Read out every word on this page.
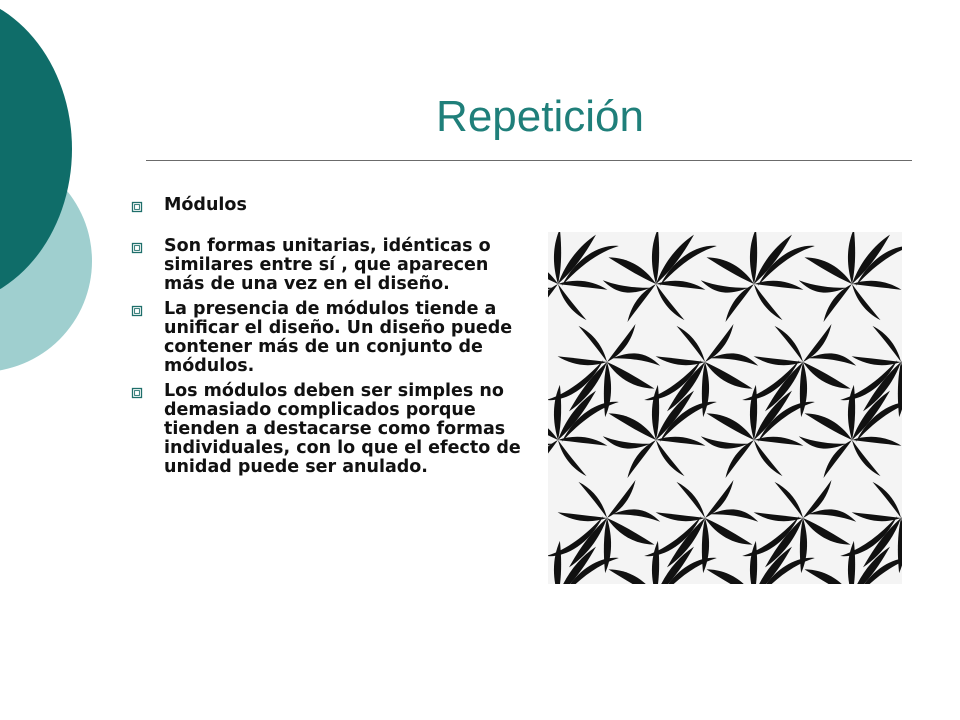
Repetición
Módulos
Son formas unitarias, idénticas o similares entre sí , que aparecen más de una vez en el diseño.
La presencia de módulos tiende a unificar el diseño. Un diseño puede contener más de un conjunto de módulos.
Los módulos deben ser simples no demasiado complicados porque tienden a destacarse como formas individuales, con lo que el efecto de unidad puede ser anulado.
